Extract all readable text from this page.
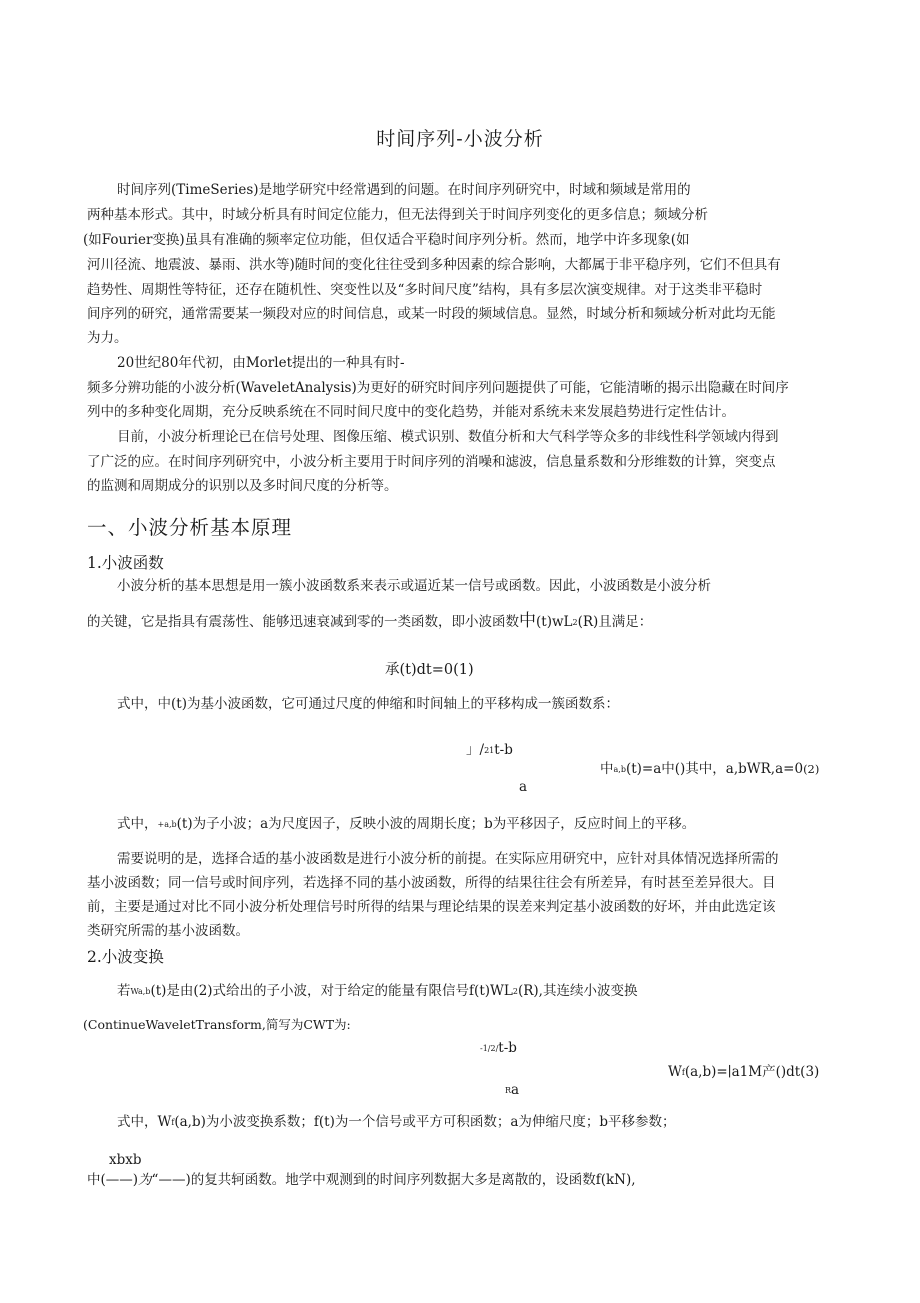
时间序列-小波分析
时间序列(TimeSeries)是地学研究中经常遇到的问题。在时间序列研究中，时域和频域是常用的
两种基本形式。其中，时域分析具有时间定位能力，但无法得到关于时间序列变化的更多信息；频域分析
(如Fourier变换)虽具有准确的频率定位功能，但仅适合平稳时间序列分析。然而，地学中许多现象(如
河川径流、地震波、暴雨、洪水等)随时间的变化往往受到多种因素的综合影响，大都属于非平稳序列，它们不但具有
趋势性、周期性等特征，还存在随机性、突变性以及“多时间尺度”结构，具有多层次演变规律。对于这类非平稳时
间序列的研究，通常需要某一频段对应的时间信息，或某一时段的频域信息。显然，时域分析和频域分析对此均无能
为力。
20世纪80年代初，由Morlet提出的一种具有时-
频多分辨功能的小波分析(WaveletAnalysis)为更好的研究时间序列问题提供了可能，它能清晰的揭示出隐藏在时间序
列中的多种变化周期，充分反映系统在不同时间尺度中的变化趋势，并能对系统未来发展趋势进行定性估计。
目前，小波分析理论已在信号处理、图像压缩、模式识别、数值分析和大气科学等众多的非线性科学领域内得到
了广泛的应。在时间序列研究中，小波分析主要用于时间序列的消噪和滤波，信息量系数和分形维数的计算，突变点
的监测和周期成分的识别以及多时间尺度的分析等。
一、小波分析基本原理
1.小波函数
小波分析的基本思想是用一簇小波函数系来表示或逼近某一信号或函数。因此，小波函数是小波分析
的关键，它是指具有震荡性、能够迅速衰减到零的一类函数，即小波函数中$(t)wL^2(R)$且满足：
承(t)dt=0(1)
式中，中(t)为基小波函数，它可通过尺度的伸缩和时间轴上的平移构成一簇函数系：
」/21t-b
中a,b(t)=a中()其中，a,bWR,a=0(2)
a
式中，+a,b(t)为子小波；a为尺度因子，反映小波的周期长度；b为平移因子，反应时间上的平移。
需要说明的是，选择合适的基小波函数是进行小波分析的前提。在实际应用研究中，应针对具体情况选择所需的
基小波函数；同一信号或时间序列，若选择不同的基小波函数，所得的结果往往会有所差异，有时甚至差异很大。目
前，主要是通过对比不同小波分析处理信号时所得的结果与理论结果的误差来判定基小波函数的好坏，并由此选定该
类研究所需的基小波函数。
2.小波变换
若Wa,b(t)是由(2)式给出的子小波，对于给定的能量有限信号$f(t)WL^2(R)$,其连续小波变换
(ContinueWaveletTransform,简写为CWT为:
-1/2/t-b
Wf(a,b)=∣a1M产()dt(3)
Ra
式中，Wf(a,b)为小波变换系数；f(t)为一个信号或平方可积函数；a为伸缩尺度；b平移参数；
xbxb
中(——)为“——)的复共轲函数。地学中观测到的时间序列数据大多是离散的，设函数f(kN),
